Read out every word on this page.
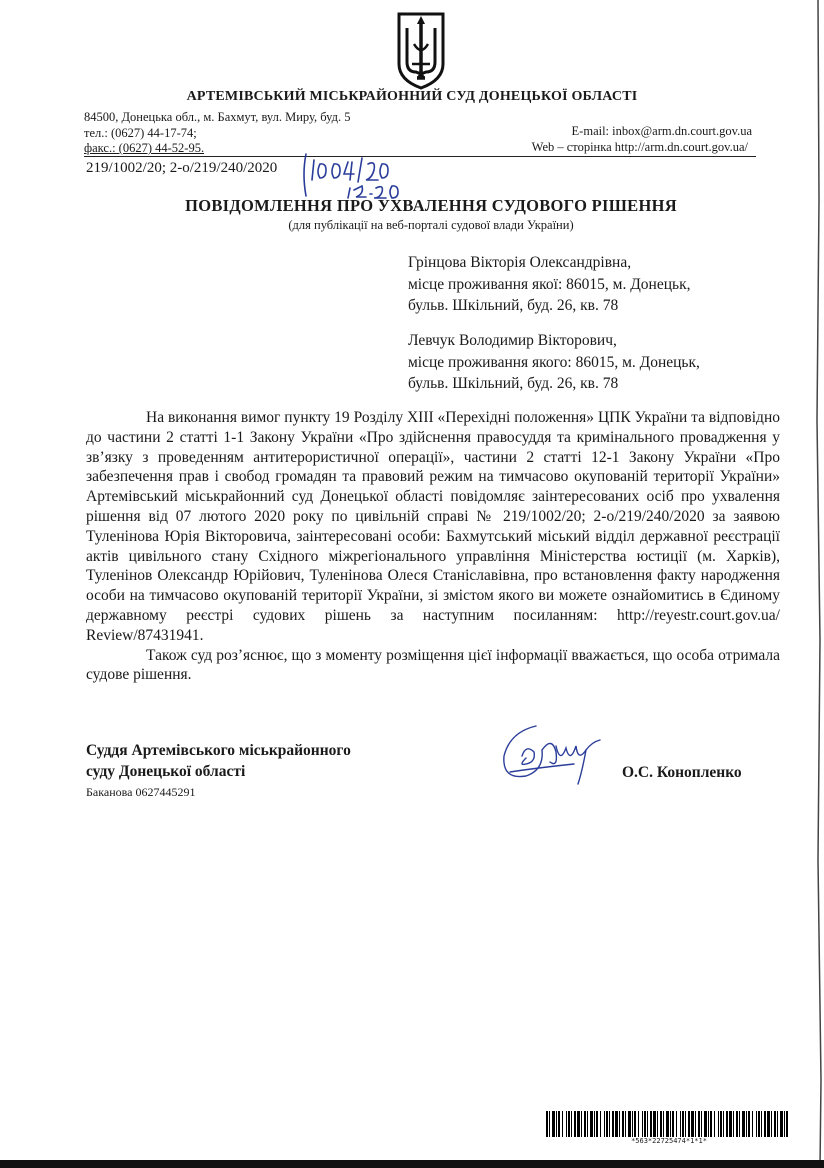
АРТЕМІВСЬКИЙ МІСЬКРАЙОННИЙ СУД ДОНЕЦЬКОЇ ОБЛАСТІ
84500, Донецька обл., м. Бахмут, вул. Миру, буд. 5
тел.: (0627) 44-17-74;
факс.: (0627) 44-52-95.
E-mail: inbox@arm.dn.court.gov.ua
Web – сторінка http://arm.dn.court.gov.ua/
219/1002/20; 2-о/219/240/2020
ПОВІДОМЛЕННЯ ПРО УХВАЛЕННЯ СУДОВОГО РІШЕННЯ
(для публікації на веб-порталі судової влади України)
Грінцова Вікторія Олександрівна,
місце проживання якої: 86015, м. Донецьк,
бульв. Шкільний, буд. 26, кв. 78
Левчук Володимир Вікторович,
місце проживання якого: 86015, м. Донецьк,
бульв. Шкільний, буд. 26, кв. 78

На виконання вимог пункту 19 Розділу XIII «Перехідні положення» ЦПК України та відповідно до частини 2 статті 1-1 Закону України «Про здійснення правосуддя та кримінального провадження у зв’язку з проведенням антитерористичної операції», частини 2 статті 12-1 Закону України «Про забезпечення прав і свобод громадян та правовий режим на тимчасово окупованій території України» Артемівський міськрайонний суд Донецької області повідомляє заінтересованих осіб про ухвалення рішення від 07 лютого 2020 року по цивільній справі № 219/1002/20; 2-о/219/240/2020 за заявою Туленінова Юрія Вікторовича, заінтересовані особи: Бахмутський міський відділ державної реєстрації актів цивільного стану Східного міжрегіонального управління Міністерства юстиції (м. Харків), Туленінов Олександр Юрійович, Туленінова Олеся Станіславівна, про встановлення факту народження особи на тимчасово окупованій території України, зі змістом якого ви можете ознайомитись в Єдиному державному реєстрі судових рішень за наступним посиланням: http://reyestr.court.gov.ua/ Review/87431941.

Також суд роз’яснює, що з моменту розміщення цієї інформації вважається, що особа отримала судове рішення.

Суддя Артемівського міськрайонного
суду Донецької області
Баканова 0627445291
О.С. Конопленко
*563*22725474*1*1*
